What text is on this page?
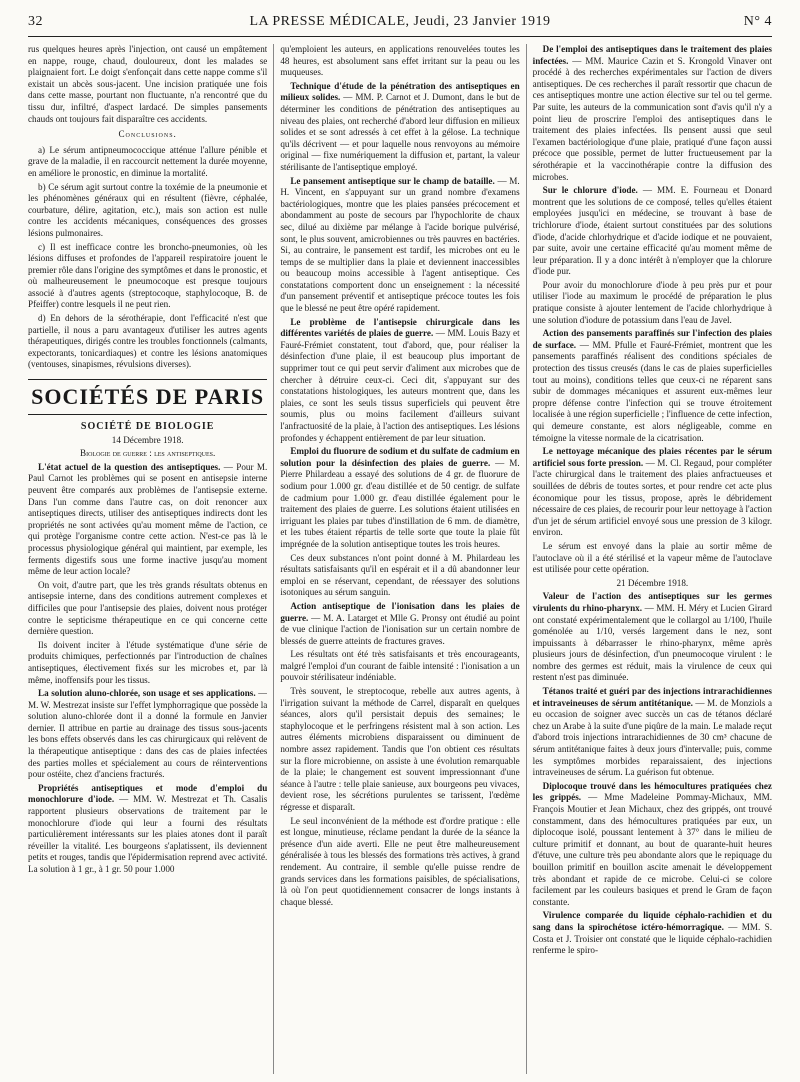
32	LA PRESSE MÉDICALE, Jeudi, 23 Janvier 1919	N° 4

rus quelques heures après l'injection, ont causé un empâtement en nappe, rouge, chaud, douloureux, dont les malades se plaignaient fort. Le doigt s'enfonçait dans cette nappe comme s'il existait un abcès sous-jacent. Une incision pratiquée une fois dans cette masse, pourtant non fluctuante, n'a rencontré que du tissu dur, infiltré, d'aspect lardacé. De simples pansements chauds ont toujours fait disparaître ces accidents.

Conclusions.

a) Le sérum antipneumococcique atténue l'allure pénible et grave de la maladie, il en raccourcit nettement la durée moyenne, en améliore le pronostic, en diminue la mortalité.

b) Ce sérum agit surtout contre la toxémie de la pneumonie et les phénomènes généraux qui en résultent (fièvre, céphalée, courbature, délire, agitation, etc.), mais son action est nulle contre les accidents mécaniques, conséquences des grosses lésions pulmonaires.

c) Il est inefficace contre les broncho-pneumonies, où les lésions diffuses et profondes de l'appareil respiratoire jouent le premier rôle dans l'origine des symptômes et dans le pronostic, et où malheureusement le pneumocoque est presque toujours associé à d'autres agents (streptocoque, staphylocoque, B. de Pfeiffer) contre lesquels il ne peut rien.

d) En dehors de la sérothérapie, dont l'efficacité n'est que partielle, il nous a paru avantageux d'utiliser les autres agents thérapeutiques, dirigés contre les troubles fonctionnels (calmants, expectorants, tonicardiaques) et contre les lésions anatomiques (ventouses, sinapismes, révulsions diverses).

SOCIÉTÉS DE PARIS
SOCIÉTÉ DE BIOLOGIE

14 Décembre 1918.

Biologie de guerre : les antiseptiques.

L'état actuel de la question des antiseptiques. — Pour M. Paul Carnot les problèmes qui se posent en antisepsie interne peuvent être comparés aux problèmes de l'antisepsie externe. Dans l'un comme dans l'autre cas, on doit renoncer aux antiseptiques directs, utiliser des antiseptiques indirects dont les propriétés ne sont activées qu'au moment même de l'action, ce qui protège l'organisme contre cette action. N'est-ce pas là le processus physiologique général qui maintient, par exemple, les ferments digestifs sous une forme inactive jusqu'au moment même de leur action locale?

On voit, d'autre part, que les très grands résultats obtenus en antisepsie interne, dans des conditions autrement complexes et difficiles que pour l'antisepsie des plaies, doivent nous protéger contre le septicisme thérapeutique en ce qui concerne cette dernière question.

Ils doivent inciter à l'étude systématique d'une série de produits chimiques, perfectionnés par l'introduction de chaînes antiseptiques, électivement fixés sur les microbes et, par là même, inoffensifs pour les tissus.

La solution aluno-chlorée, son usage et ses applications. — M. W. Mestrezat insiste sur l'effet lymphorragique que possède la solution aluno-chlorée dont il a donné la formule en Janvier dernier. Il attribue en partie au drainage des tissus sous-jacents les bons effets observés dans les cas chirurgicaux qui relèvent de la thérapeutique antiseptique : dans des cas de plaies infectées des parties molles et spécialement au cours de réinterventions pour ostéite, chez d'anciens fracturés.

Propriétés antiseptiques et mode d'emploi du monochlorure d'iode. — MM. W. Mestrezat et Th. Casalis rapportent plusieurs observations de traitement par le monochlorure d'iode qui leur a fourni des résultats particulièrement intéressants sur les plaies atones dont il paraît réveiller la vitalité. Les bourgeons s'aplatissent, ils deviennent petits et rouges, tandis que l'épidermisation reprend avec activité. La solution à 1 gr., à 1 gr. 50 pour 1.000

qu'emploient les auteurs, en applications renouvelées toutes les 48 heures, est absolument sans effet irritant sur la peau ou les muqueuses.

Technique d'étude de la pénétration des antiseptiques en milieux solides. — MM. P. Carnot et J. Dumont, dans le but de déterminer les conditions de pénétration des antiseptiques au niveau des plaies, ont recherché d'abord leur diffusion en milieux solides et se sont adressés à cet effet à la gélose. La technique qu'ils décrivent — et pour laquelle nous renvoyons au mémoire original — fixe numériquement la diffusion et, partant, la valeur stérilisante de l'antiseptique employé.

Le pansement antiseptique sur le champ de bataille. — M. H. Vincent, en s'appuyant sur un grand nombre d'examens bactériologiques, montre que les plaies pansées précocement et abondamment au poste de secours par l'hypochlorite de chaux sec, dilué au dixième par mélange à l'acide borique pulvérisé, sont, le plus souvent, amicrobiennes ou très pauvres en bactéries. Si, au contraire, le pansement est tardif, les microbes ont eu le temps de se multiplier dans la plaie et deviennent inaccessibles ou beaucoup moins accessible à l'agent antiseptique. Ces constatations comportent donc un enseignement : la nécessité d'un pansement préventif et antiseptique précoce toutes les fois que le blessé ne peut être opéré rapidement.

Le problème de l'antisepsie chirurgicale dans les différentes variétés de plaies de guerre. — MM. Louis Bazy et Fauré-Frémiet constatent, tout d'abord, que, pour réaliser la désinfection d'une plaie, il est beaucoup plus important de supprimer tout ce qui peut servir d'aliment aux microbes que de chercher à détruire ceux-ci. Ceci dit, s'appuyant sur des constatations histologiques, les auteurs montrent que, dans les plaies, ce sont les seuls tissus superficiels qui peuvent être soumis, plus ou moins facilement d'ailleurs suivant l'anfractuosité de la plaie, à l'action des antiseptiques. Les lésions profondes y échappent entièrement de par leur situation.

Emploi du fluorure de sodium et du sulfate de cadmium en solution pour la désinfection des plaies de guerre. — M. Pierre Philardeau a essayé des solutions de 4 gr. de fluorure de sodium pour 1.000 gr. d'eau distillée et de 50 centigr. de sulfate de cadmium pour 1.000 gr. d'eau distillée également pour le traitement des plaies de guerre. Les solutions étaient utilisées en irriguant les plaies par tubes d'instillation de 6 mm. de diamètre, et les tubes étaient répartis de telle sorte que toute la plaie fût imprégnée de la solution antiseptique toutes les trois heures.

Ces deux substances n'ont point donné à M. Philardeau les résultats satisfaisants qu'il en espérait et il a dû abandonner leur emploi en se réservant, cependant, de réessayer des solutions isotoniques au sérum sanguin.

Action antiseptique de l'ionisation dans les plaies de guerre. — M. A. Latarget et Mlle G. Pronsy ont étudié au point de vue clinique l'action de l'ionisation sur un certain nombre de blessés de guerre atteints de fractures graves.

Les résultats ont été très satisfaisants et très encourageants, malgré l'emploi d'un courant de faible intensité : l'ionisation a un pouvoir stérilisateur indéniable.

Très souvent, le streptocoque, rebelle aux autres agents, à l'irrigation suivant la méthode de Carrel, disparaît en quelques séances, alors qu'il persistait depuis des semaines; le staphylocoque et le perfringens résistent mal à son action. Les autres éléments microbiens disparaissent ou diminuent de nombre assez rapidement. Tandis que l'on obtient ces résultats sur la flore microbienne, on assiste à une évolution remarquable de la plaie; le changement est souvent impressionnant d'une séance à l'autre : telle plaie sanieuse, aux bourgeons peu vivaces, devient rose, les sécrétions purulentes se tarissent, l'œdème régresse et disparaît.

Le seul inconvénient de la méthode est d'ordre pratique : elle est longue, minutieuse, réclame pendant la durée de la séance la présence d'un aide averti. Elle ne peut être malheureusement généralisée à tous les blessés des formations très actives, à grand rendement. Au contraire, il semble qu'elle puisse rendre de grands services dans les formations paisibles, de spécialisations, là où l'on peut quotidiennement consacrer de longs instants à chaque blessé.

De l'emploi des antiseptiques dans le traitement des plaies infectées. — MM. Maurice Cazin et S. Krongold Vinaver ont procédé à des recherches expérimentales sur l'action de divers antiseptiques. De ces recherches il paraît ressortir que chacun de ces antiseptiques montre une action élective sur tel ou tel germe. Par suite, les auteurs de la communication sont d'avis qu'il n'y a point lieu de proscrire l'emploi des antiseptiques dans le traitement des plaies infectées. Ils pensent aussi que seul l'examen bactériologique d'une plaie, pratiqué d'une façon aussi précoce que possible, permet de lutter fructueusement par la sérothérapie et la vaccinothérapie contre la diffusion des microbes.

Sur le chlorure d'iode. — MM. E. Fourneau et Donard montrent que les solutions de ce composé, telles qu'elles étaient employées jusqu'ici en médecine, se trouvant à base de trichlorure d'iode, étaient surtout constituées par des solutions d'iode, d'acide chlorhydrique et d'acide iodique et ne pouvaient, par suite, avoir une certaine efficacité qu'au moment même de leur préparation. Il y a donc intérêt à n'employer que la chlorure d'iode pur.

Pour avoir du monochlorure d'iode à peu près pur et pour utiliser l'iode au maximum le procédé de préparation le plus pratique consiste à ajouter lentement de l'acide chlorhydrique à une solution d'iodure de potassium dans l'eau de Javel.

Action des pansements paraffinés sur l'infection des plaies de surface. — MM. Pfulle et Fauré-Frémiet, montrent que les pansements paraffinés réalisent des conditions spéciales de protection des tissus creusés (dans le cas de plaies superficielles tout au moins), conditions telles que ceux-ci ne réparent sans subir de dommages mécaniques et assurent eux-mêmes leur propre défense contre l'infection qui se trouve étroitement localisée à une région superficielle ; l'influence de cette infection, qui demeure constante, est alors négligeable, comme en témoigne la vitesse normale de la cicatrisation.

Le nettoyage mécanique des plaies récentes par le sérum artificiel sous forte pression. — M. Cl. Regaud, pour compléter l'acte chirurgical dans le traitement des plaies anfractueuses et souillées de débris de toutes sortes, et pour rendre cet acte plus économique pour les tissus, propose, après le débridement nécessaire de ces plaies, de recourir pour leur nettoyage à l'action d'un jet de sérum artificiel envoyé sous une pression de 3 kilogr. environ.

Le sérum est envoyé dans la plaie au sortir même de l'autoclave où il a été stérilisé et la vapeur même de l'autoclave est utilisée pour cette opération.

21 Décembre 1918.

Valeur de l'action des antiseptiques sur les germes virulents du rhino-pharynx. — MM. H. Méry et Lucien Girard ont constaté expérimentalement que le collargol au 1/100, l'huile goménolée au 1/10, versés largement dans le nez, sont impuissants à débarrasser le rhino-pharynx, même après plusieurs jours de désinfection, d'un pneumocoque virulent : le nombre des germes est réduit, mais la virulence de ceux qui restent n'est pas diminuée.

Tétanos traité et guéri par des injections intrarachidiennes et intraveineuses de sérum antitétanique. — M. de Monziols a eu occasion de soigner avec succès un cas de tétanos déclaré chez un Arabe à la suite d'une piqûre de la main. Le malade reçut d'abord trois injections intrarachidiennes de 30 cm³ chacune de sérum antitétanique faites à deux jours d'intervalle; puis, comme les symptômes morbides reparaissaient, des injections intraveineuses de sérum. La guérison fut obtenue.

Diplocoque trouvé dans les hémocultures pratiquées chez les grippés. — Mme Madeleine Pommay-Michaux, MM. François Moutier et Jean Michaux, chez des grippés, ont trouvé constamment, dans des hémocultures pratiquées par eux, un diplocoque isolé, poussant lentement à 37° dans le milieu de culture primitif et donnant, au bout de quarante-huit heures d'étuve, une culture très peu abondante alors que le repiquage du bouillon primitif en bouillon ascite amenait le développement très abondant et rapide de ce microbe. Celui-ci se colore facilement par les couleurs basiques et prend le Gram de façon constante.

Virulence comparée du liquide céphalo-rachidien et du sang dans la spirochétose ictéro-hémorragique. — MM. S. Costa et J. Troisier ont constaté que le liquide céphalo-rachidien renferme le spiro-
